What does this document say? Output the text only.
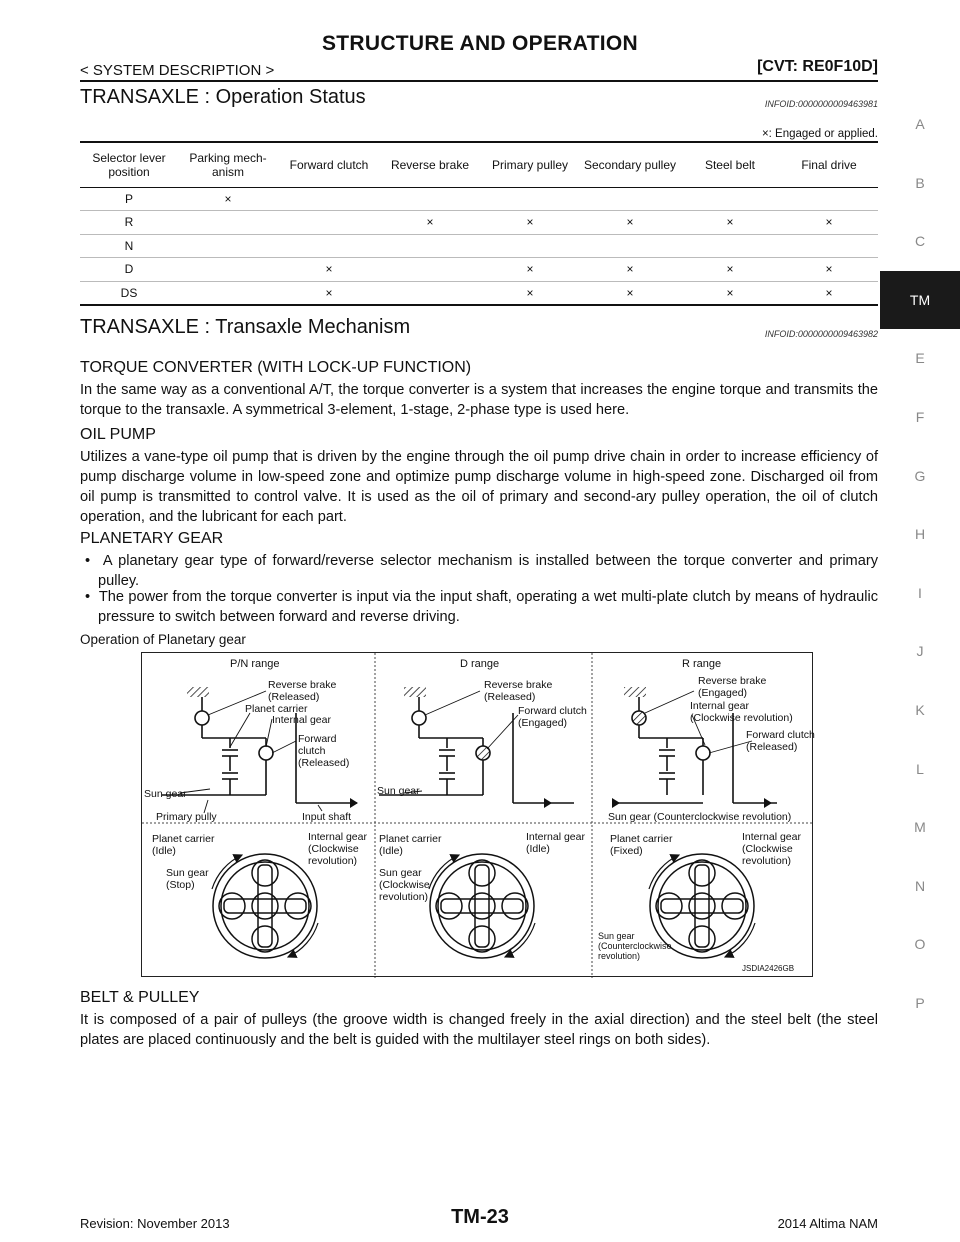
STRUCTURE AND OPERATION
< SYSTEM DESCRIPTION >	[CVT: RE0F10D]
A
B
C
TM
E
F
G
H
I
J
K
L
M
N
O
P
TRANSAXLE : Operation Status	INFOID:0000000009463981
×: Engaged or applied.
Selector lever position	Parking mech-anism	Forward clutch	Reverse brake	Primary pulley	Secondary pulley	Steel belt	Final drive
P	×						
R			×	×	×	×	×
N							
D		×		×	×	×	×
DS		×		×	×	×	×
TRANSAXLE : Transaxle Mechanism	INFOID:0000000009463982
TORQUE CONVERTER (WITH LOCK-UP FUNCTION)
In the same way as a conventional A/T, the torque converter is a system that increases the engine torque and transmits the torque to the transaxle. A symmetrical 3-element, 1-stage, 2-phase type is used here.
OIL PUMP
Utilizes a vane-type oil pump that is driven by the engine through the oil pump drive chain in order to increase efficiency of pump discharge volume in low-speed zone and optimize pump discharge volume in high-speed zone. Discharged oil from oil pump is transmitted to control valve. It is used as the oil of primary and second-ary pulley operation, the oil of clutch operation, and the lubricant for each part.
PLANETARY GEAR
•  A planetary gear type of forward/reverse selector mechanism is installed between the torque converter and primary pulley.
•  The power from the torque converter is input via the input shaft, operating a wet multi-plate clutch by means of hydraulic pressure to switch between forward and reverse driving.
Operation of Planetary gear
P/N range	D range	R range
Reverse brake
(Released)
Planet carrier
Internal gear
Forward
clutch
(Released)
Sun gear
Primary pully	Input shaft
Planet carrier
(Idle)
Internal gear
(Clockwise
revolution)
Sun gear
(Stop)
Reverse brake
(Released)
Forward clutch
(Engaged)
Sun gear
Planet carrier
(Idle)
Internal gear
(Idle)
Sun gear
(Clockwise
revolution)
Reverse brake
(Engaged)
Internal gear
(Clockwise revolution)
Forward clutch
(Released)
Sun gear (Counterclockwise revolution)
Planet carrier
(Fixed)
Internal gear
(Clockwise
revolution)
Sun gear
(Counterclockwise
revolution)
JSDIA2426GB
BELT & PULLEY
It is composed of a pair of pulleys (the groove width is changed freely in the axial direction) and the steel belt (the steel plates are placed continuously and the belt is guided with the multilayer steel rings on both sides).
Revision: November 2013	TM-23	2014 Altima NAM
